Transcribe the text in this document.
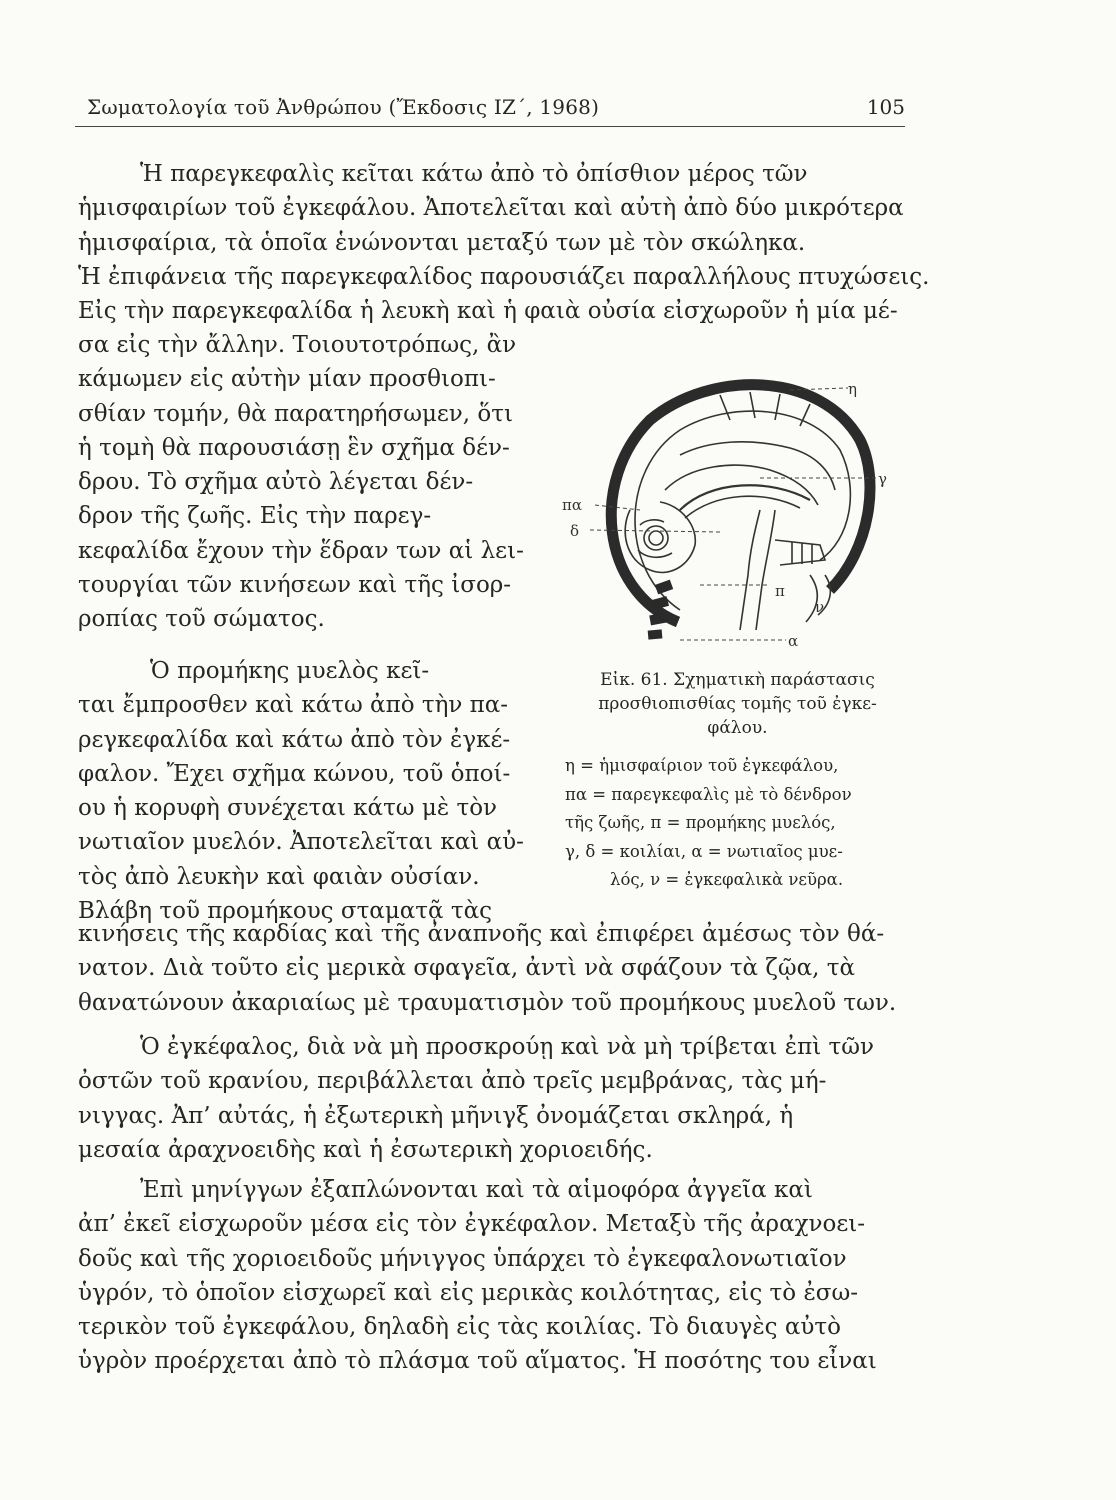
Σωματολογία τοῦ Ἀνθρώπου (Ἔκδοσις ΙΖ΄, 1968)	105
Ἡ παρεγκεφαλὶς κεῖται κάτω ἀπὸ τὸ ὀπίσθιον μέρος τῶν
ἡμισφαιρίων τοῦ ἐγκεφάλου. Ἀποτελεῖται καὶ αὐτὴ ἀπὸ δύο μικρότερα
ἡμισφαίρια, τὰ ὁποῖα ἑνώνονται μεταξύ των μὲ τὸν σκώληκα.
Ἡ ἐπιφάνεια τῆς παρεγκεφαλίδος παρουσιάζει παραλλήλους πτυχώσεις.
Εἰς τὴν παρεγκεφαλίδα ἡ λευκὴ καὶ ἡ φαιὰ οὐσία εἰσχωροῦν ἡ μία μέ-
σα εἰς τὴν ἄλλην. Τοιουτοτρόπως, ἂν
κάμωμεν εἰς αὐτὴν μίαν προσθιοπι-
σθίαν τομήν, θὰ παρατηρήσωμεν, ὅτι
ἡ τομὴ θὰ παρουσιάσῃ ἓν σχῆμα δέν-
δρου. Τὸ σχῆμα αὐτὸ λέγεται δέν-
δρον τῆς ζωῆς. Εἰς τὴν παρεγ-
κεφαλίδα ἔχουν τὴν ἕδραν των αἱ λει-
τουργίαι τῶν κινήσεων καὶ τῆς ἰσορ-
ροπίας τοῦ σώματος.
Ὁ προμήκης μυελὸς κεῖ-
ται ἔμπροσθεν καὶ κάτω ἀπὸ τὴν πα-
ρεγκεφαλίδα καὶ κάτω ἀπὸ τὸν ἐγκέ-
φαλον. Ἔχει σχῆμα κώνου, τοῦ ὁποί-
ου ἡ κορυφὴ συνέχεται κάτω μὲ τὸν
νωτιαῖον μυελόν. Ἀποτελεῖται καὶ αὐ-
τὸς ἀπὸ λευκὴν καὶ φαιὰν οὐσίαν.
Βλάβη τοῦ προμήκους σταματᾷ τὰς
κινήσεις τῆς καρδίας καὶ τῆς ἀναπνοῆς καὶ ἐπιφέρει ἀμέσως τὸν θά-
νατον. Διὰ τοῦτο εἰς μερικὰ σφαγεῖα, ἀντὶ νὰ σφάζουν τὰ ζῷα, τὰ
θανατώνουν ἀκαριαίως μὲ τραυματισμὸν τοῦ προμήκους μυελοῦ των.
Ὁ ἐγκέφαλος, διὰ νὰ μὴ προσκρούῃ καὶ νὰ μὴ τρίβεται ἐπὶ τῶν
ὀστῶν τοῦ κρανίου, περιβάλλεται ἀπὸ τρεῖς μεμβράνας, τὰς μή-
νιγγας. Ἀπ’ αὐτάς, ἡ ἐξωτερικὴ μῆνιγξ ὀνομάζεται σκληρά, ἡ
μεσαία ἀραχνοειδὴς καὶ ἡ ἐσωτερικὴ χοριοειδής.
Ἐπὶ μηνίγγων ἐξαπλώνονται καὶ τὰ αἱμοφόρα ἀγγεῖα καὶ
ἀπ’ ἐκεῖ εἰσχωροῦν μέσα εἰς τὸν ἐγκέφαλον. Μεταξὺ τῆς ἀραχνοει-
δοῦς καὶ τῆς χοριοειδοῦς μήνιγγος ὑπάρχει τὸ ἐγκεφαλονωτιαῖον
ὑγρόν, τὸ ὁποῖον εἰσχωρεῖ καὶ εἰς μερικὰς κοιλότητας, εἰς τὸ ἐσω-
τερικὸν τοῦ ἐγκεφάλου, δηλαδὴ εἰς τὰς κοιλίας. Τὸ διαυγὲς αὐτὸ
ὑγρὸν προέρχεται ἀπὸ τὸ πλάσμα τοῦ αἵματος. Ἡ ποσότης του εἶναι
η
γ
πα
δ
π
ν
α
Εἰκ. 61. Σχηματικὴ παράστασις
προσθιοπισθίας τομῆς τοῦ ἐγκε-
φάλου.
η = ἡμισφαίριον τοῦ ἐγκεφάλου,
πα = παρεγκεφαλὶς μὲ τὸ δένδρον
τῆς ζωῆς, π = προμήκης μυελός,
γ, δ = κοιλίαι, α = νωτιαῖος μυε-
λός, ν = ἐγκεφαλικὰ νεῦρα.
